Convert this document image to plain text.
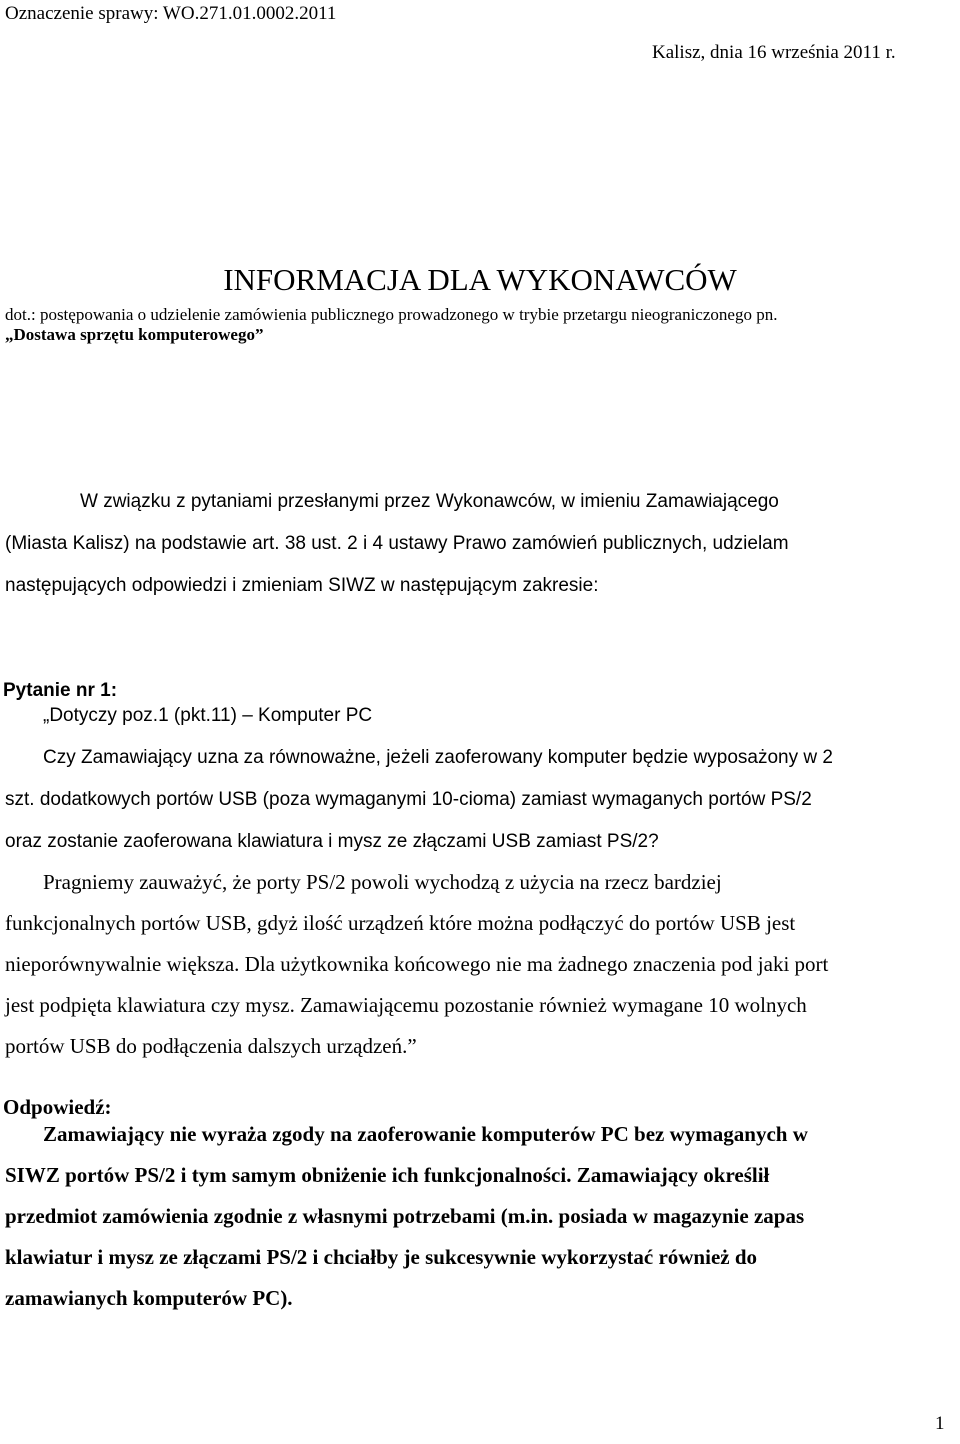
Oznaczenie sprawy: WO.271.01.0002.2011

Kalisz, dnia 16 września 2011 r.

INFORMACJA DLA WYKONAWCÓW

dot.: postępowania o udzielenie zamówienia publicznego prowadzonego w trybie przetargu nieograniczonego pn.

„Dostawa sprzętu komputerowego”

W związku z pytaniami przesłanymi przez Wykonawców, w imieniu Zamawiającego

(Miasta Kalisz) na podstawie art. 38 ust. 2 i 4 ustawy Prawo zamówień publicznych, udzielam

następujących odpowiedzi i zmieniam SIWZ w następującym zakresie:

Pytanie nr 1:

„Dotyczy poz.1 (pkt.11) – Komputer PC

Czy Zamawiający uzna za równoważne, jeżeli zaoferowany komputer będzie wyposażony w 2

szt. dodatkowych portów USB (poza wymaganymi 10-cioma) zamiast wymaganych portów PS/2

oraz zostanie zaoferowana klawiatura i mysz ze złączami USB zamiast PS/2?

Pragniemy zauważyć, że porty PS/2 powoli wychodzą z użycia na rzecz bardziej

funkcjonalnych portów USB, gdyż ilość urządzeń które można podłączyć do portów USB jest

nieporównywalnie większa. Dla użytkownika końcowego nie ma żadnego znaczenia pod jaki port

jest podpięta klawiatura czy mysz. Zamawiającemu pozostanie również wymagane 10 wolnych

portów USB do podłączenia dalszych urządzeń.”

Odpowiedź:

Zamawiający nie wyraża zgody na zaoferowanie komputerów PC bez wymaganych w

SIWZ portów PS/2 i tym samym obniżenie ich funkcjonalności. Zamawiający określił

przedmiot zamówienia zgodnie z własnymi potrzebami (m.in. posiada w magazynie zapas

klawiatur i mysz ze złączami PS/2 i chciałby je sukcesywnie wykorzystać również do

zamawianych komputerów PC).

1
